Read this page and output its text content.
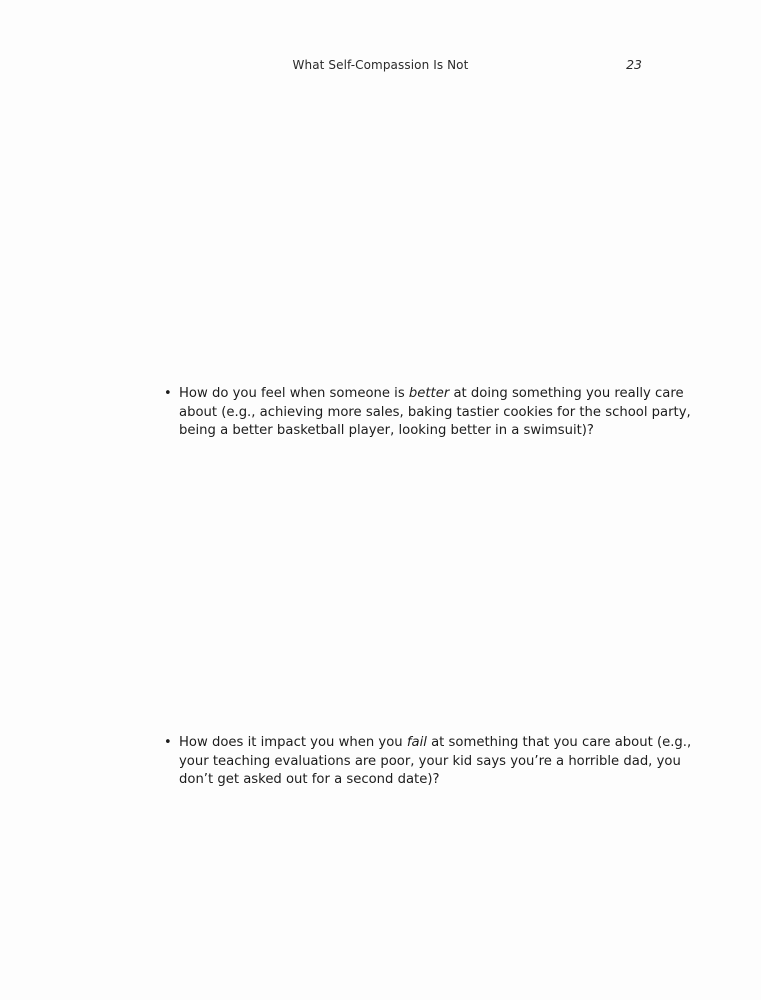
What Self-Compassion Is Not	23
• How do you feel when someone is better at doing something you really care
about (e.g., achieving more sales, baking tastier cookies for the school party,
being a better basketball player, looking better in a swimsuit)?
• How does it impact you when you fail at something that you care about (e.g.,
your teaching evaluations are poor, your kid says you’re a horrible dad, you
don’t get asked out for a second date)?
